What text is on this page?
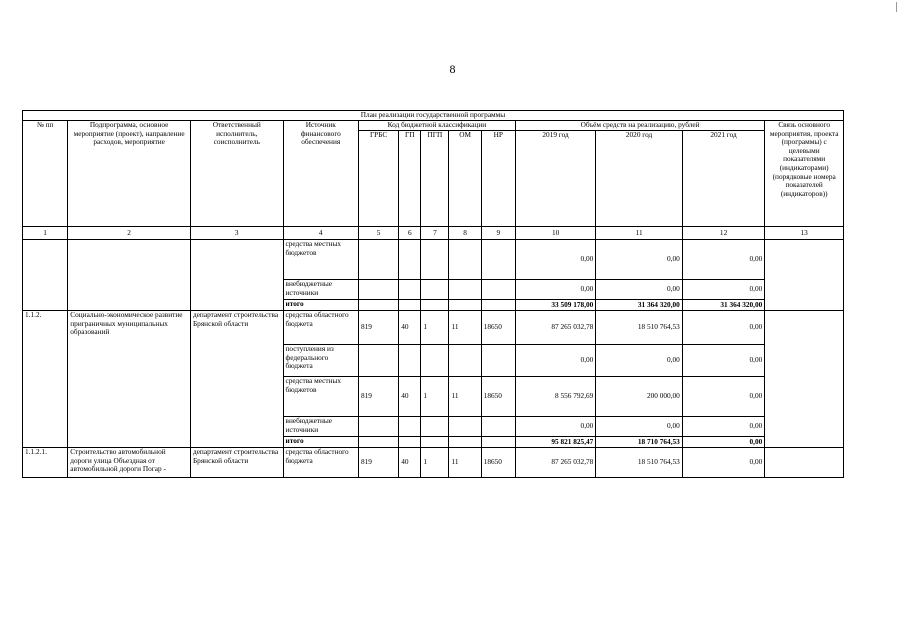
8
План реализации государственной программы												
№ пп	Подпрограмма, основное мероприятие (проект), направление расходов, мероприятие	Ответственный исполнитель, соисполнитель	Источник финансового обеспечения	Код бюджетной классификации					Объём средств на реализацию, рублей			Связь основного мероприятия, проекта (программы) с целевыми показателями (индикаторами) (порядковые номера показателей (индикаторов))
				ГРБС	ГП	ПГП	ОМ	НР	2019 год	2020 год	2021 год	
1	2	3	4	5	6	7	8	9	10	11	12	13
			средства местных бюджетов						0,00	0,00	0,00	
			внебюджетные источники						0,00	0,00	0,00	
			итого						33 509 178,00	31 364 320,00	31 364 320,00	
1.1.2.	Социально-экономическое развитие приграничных муниципальных образований	департамент строительства Брянской области	средства областного бюджета	819	40	1	11	18650	87 265 032,78	18 510 764,53	0,00	
			поступления из федерального бюджета						0,00	0,00	0,00	
			средства местных бюджетов	819	40	1	11	18650	8 556 792,69	200 000,00	0,00	
			внебюджетные источники						0,00	0,00	0,00	
			итого						95 821 825,47	18 710 764,53	0,00	
1.1.2.1.	Строительство автомобильной дороги улица Объездная от автомобильной дороги Погар -	департамент строительства Брянской области	средства областного бюджета	819	40	1	11	18650	87 265 032,78	18 510 764,53	0,00	
